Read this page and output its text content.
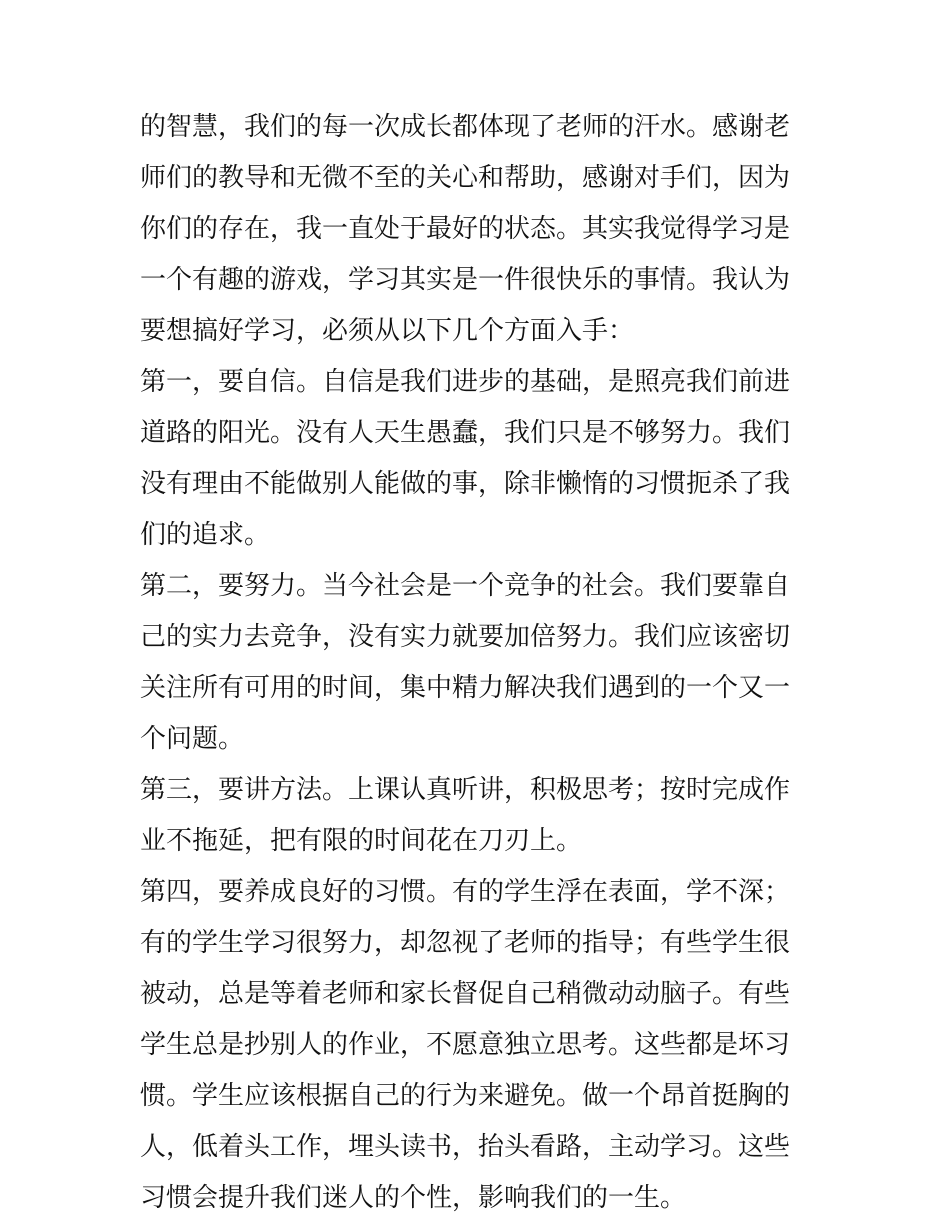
的智慧，我们的每一次成长都体现了老师的汗水。感谢老师们的教导和无微不至的关心和帮助，感谢对手们，因为你们的存在，我一直处于最好的状态。其实我觉得学习是一个有趣的游戏，学习其实是一件很快乐的事情。我认为要想搞好学习，必须从以下几个方面入手：

第一，要自信。自信是我们进步的基础，是照亮我们前进道路的阳光。没有人天生愚蠢，我们只是不够努力。我们没有理由不能做别人能做的事，除非懒惰的习惯扼杀了我们的追求。

第二，要努力。当今社会是一个竞争的社会。我们要靠自己的实力去竞争，没有实力就要加倍努力。我们应该密切关注所有可用的时间，集中精力解决我们遇到的一个又一个问题。

第三，要讲方法。上课认真听讲，积极思考；按时完成作业不拖延，把有限的时间花在刀刃上。

第四，要养成良好的习惯。有的学生浮在表面，学不深；有的学生学习很努力，却忽视了老师的指导；有些学生很被动，总是等着老师和家长督促自己稍微动动脑子。有些学生总是抄别人的作业，不愿意独立思考。这些都是坏习惯。学生应该根据自己的行为来避免。做一个昂首挺胸的人，低着头工作，埋头读书，抬头看路，主动学习。这些习惯会提升我们迷人的个性，影响我们的一生。
